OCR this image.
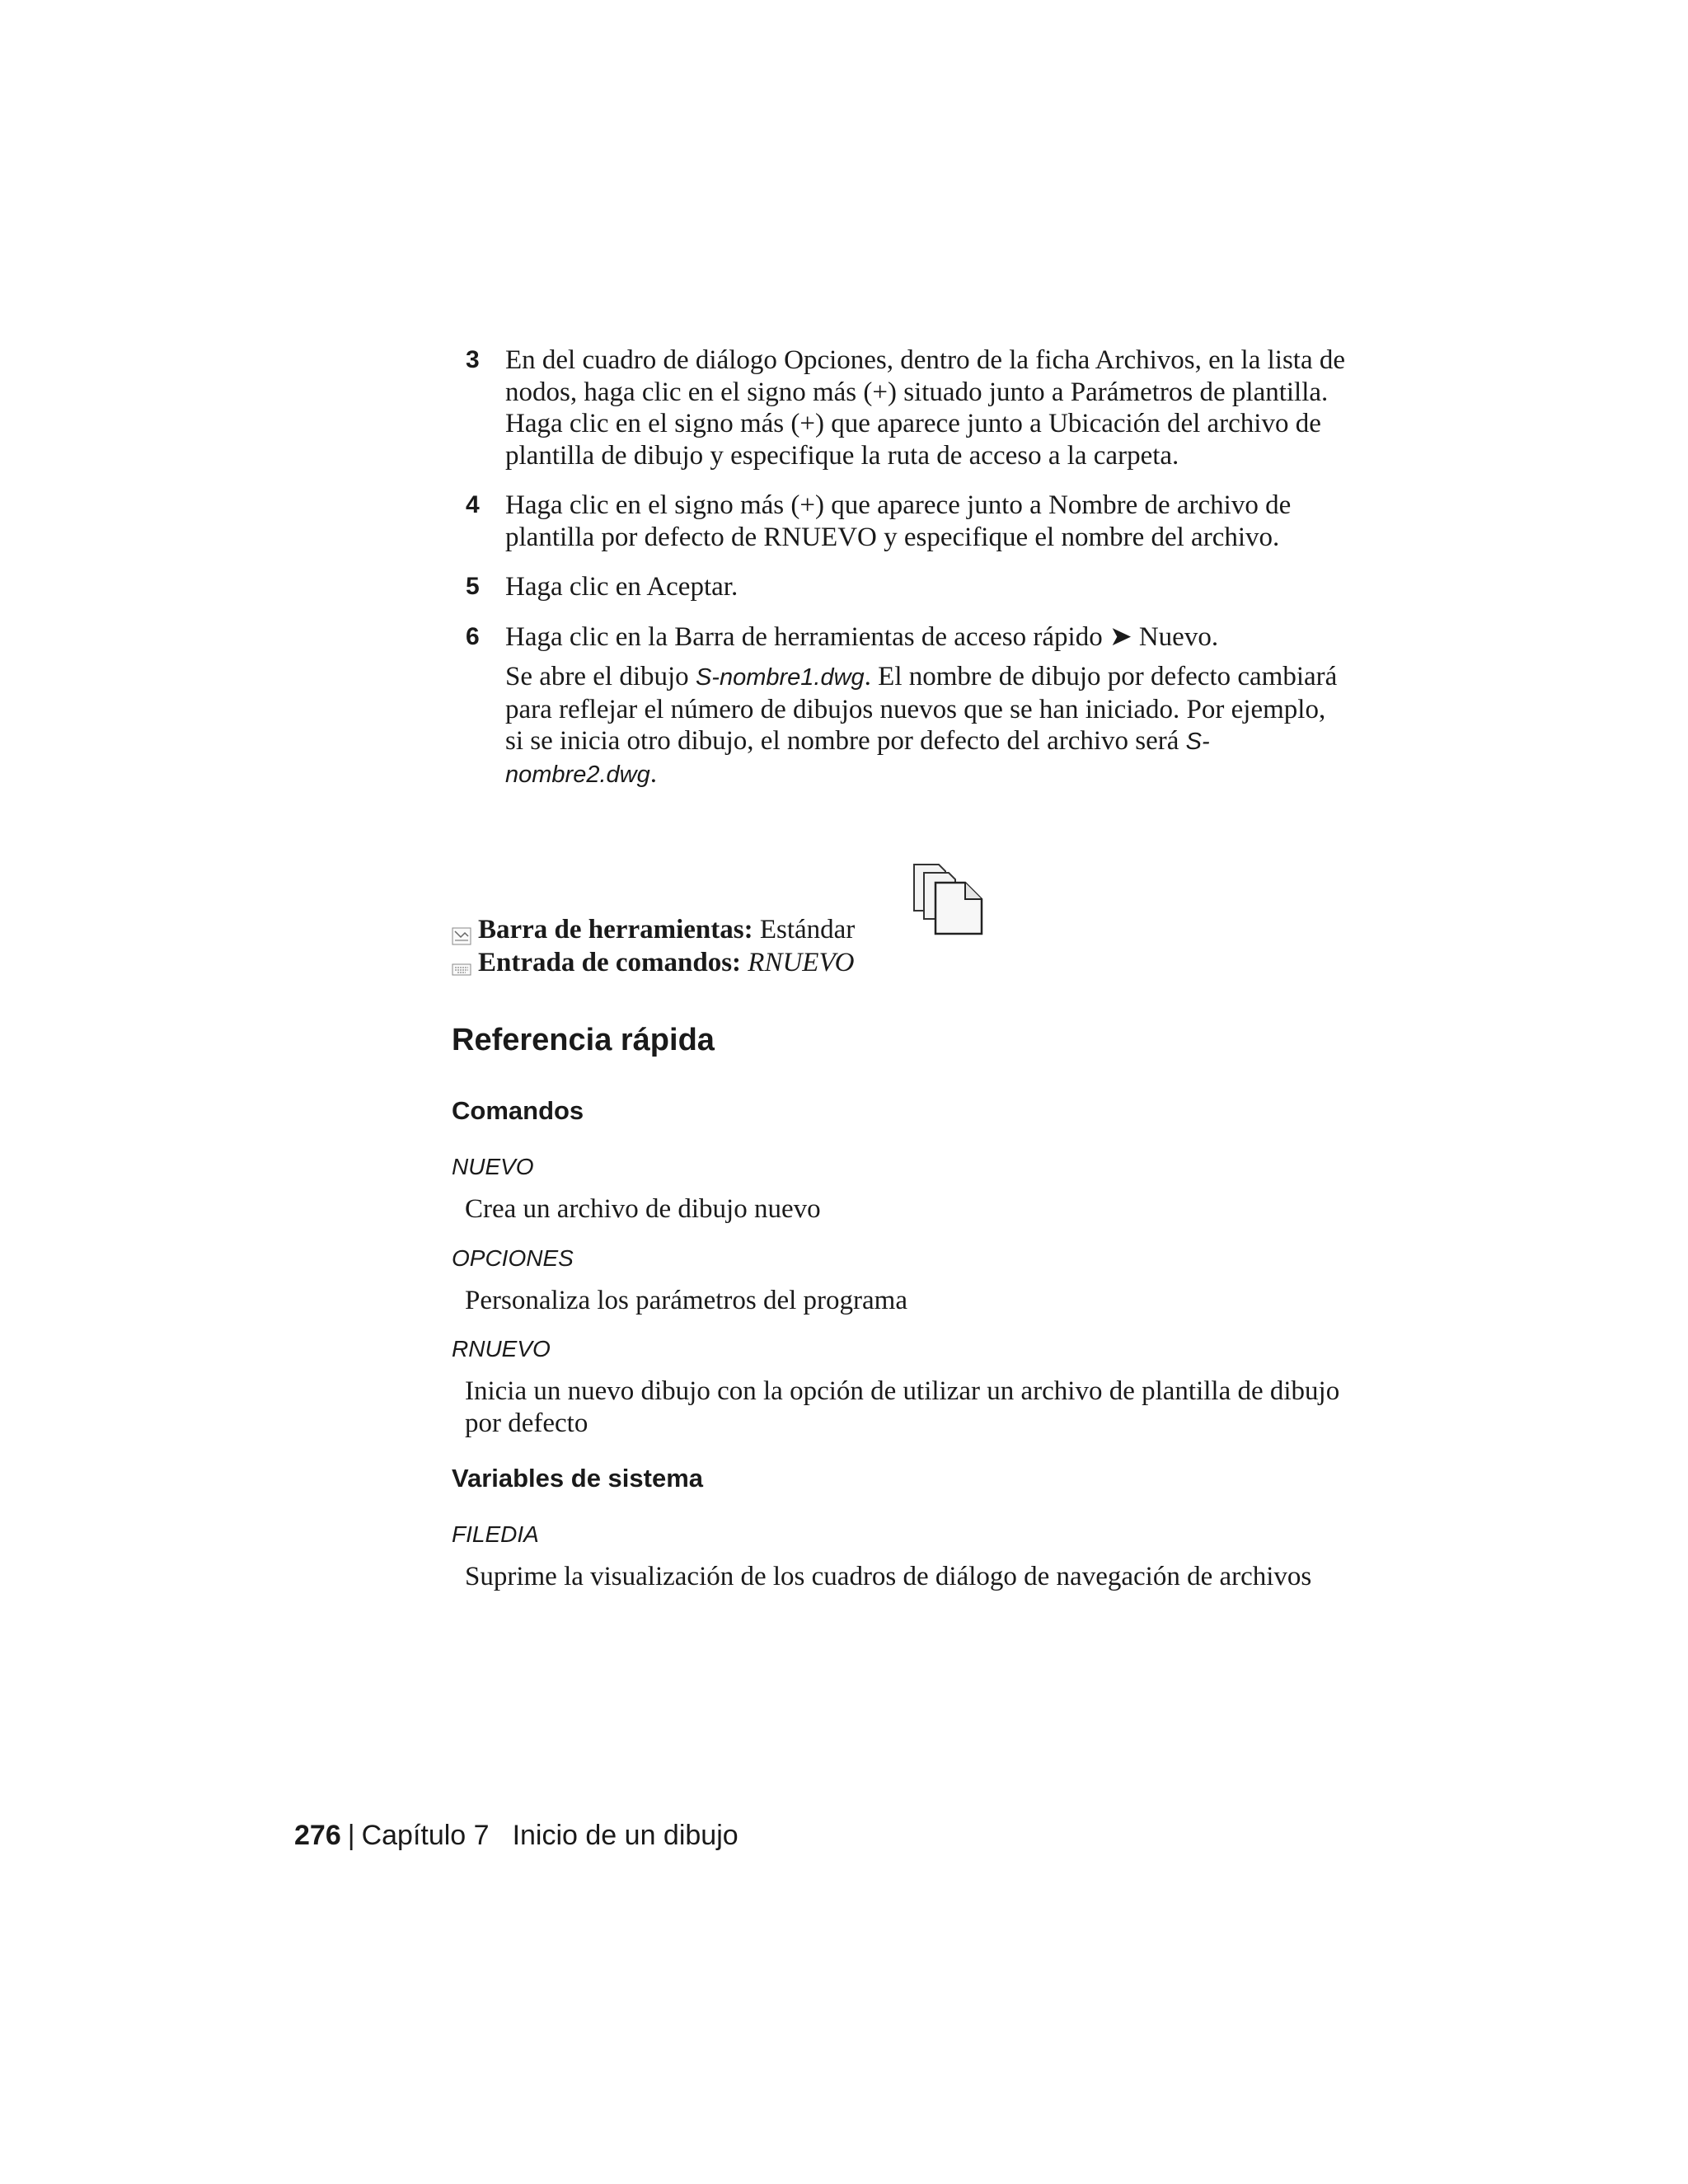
3 En del cuadro de diálogo Opciones, dentro de la ficha Archivos, en la lista de nodos, haga clic en el signo más (+) situado junto a Parámetros de plantilla. Haga clic en el signo más (+) que aparece junto a Ubicación del archivo de plantilla de dibujo y especifique la ruta de acceso a la carpeta.
4 Haga clic en el signo más (+) que aparece junto a Nombre de archivo de plantilla por defecto de RNUEVO y especifique el nombre del archivo.
5 Haga clic en Aceptar.
6 Haga clic en la Barra de herramientas de acceso rápido ➤ Nuevo.
Se abre el dibujo S-nombre1.dwg. El nombre de dibujo por defecto cambiará para reflejar el número de dibujos nuevos que se han iniciado. Por ejemplo, si se inicia otro dibujo, el nombre por defecto del archivo será S-nombre2.dwg.
Barra de herramientas:
Estándar
Entrada de comandos:
RNUEVO
Referencia rápida
Comandos
NUEVO
Crea un archivo de dibujo nuevo
OPCIONES
Personaliza los parámetros del programa
RNUEVO
Inicia un nuevo dibujo con la opción de utilizar un archivo de plantilla de dibujo por defecto
Variables de sistema
FILEDIA
Suprime la visualización de los cuadros de diálogo de navegación de archivos
276 | Capítulo 7 Inicio de un dibujo
